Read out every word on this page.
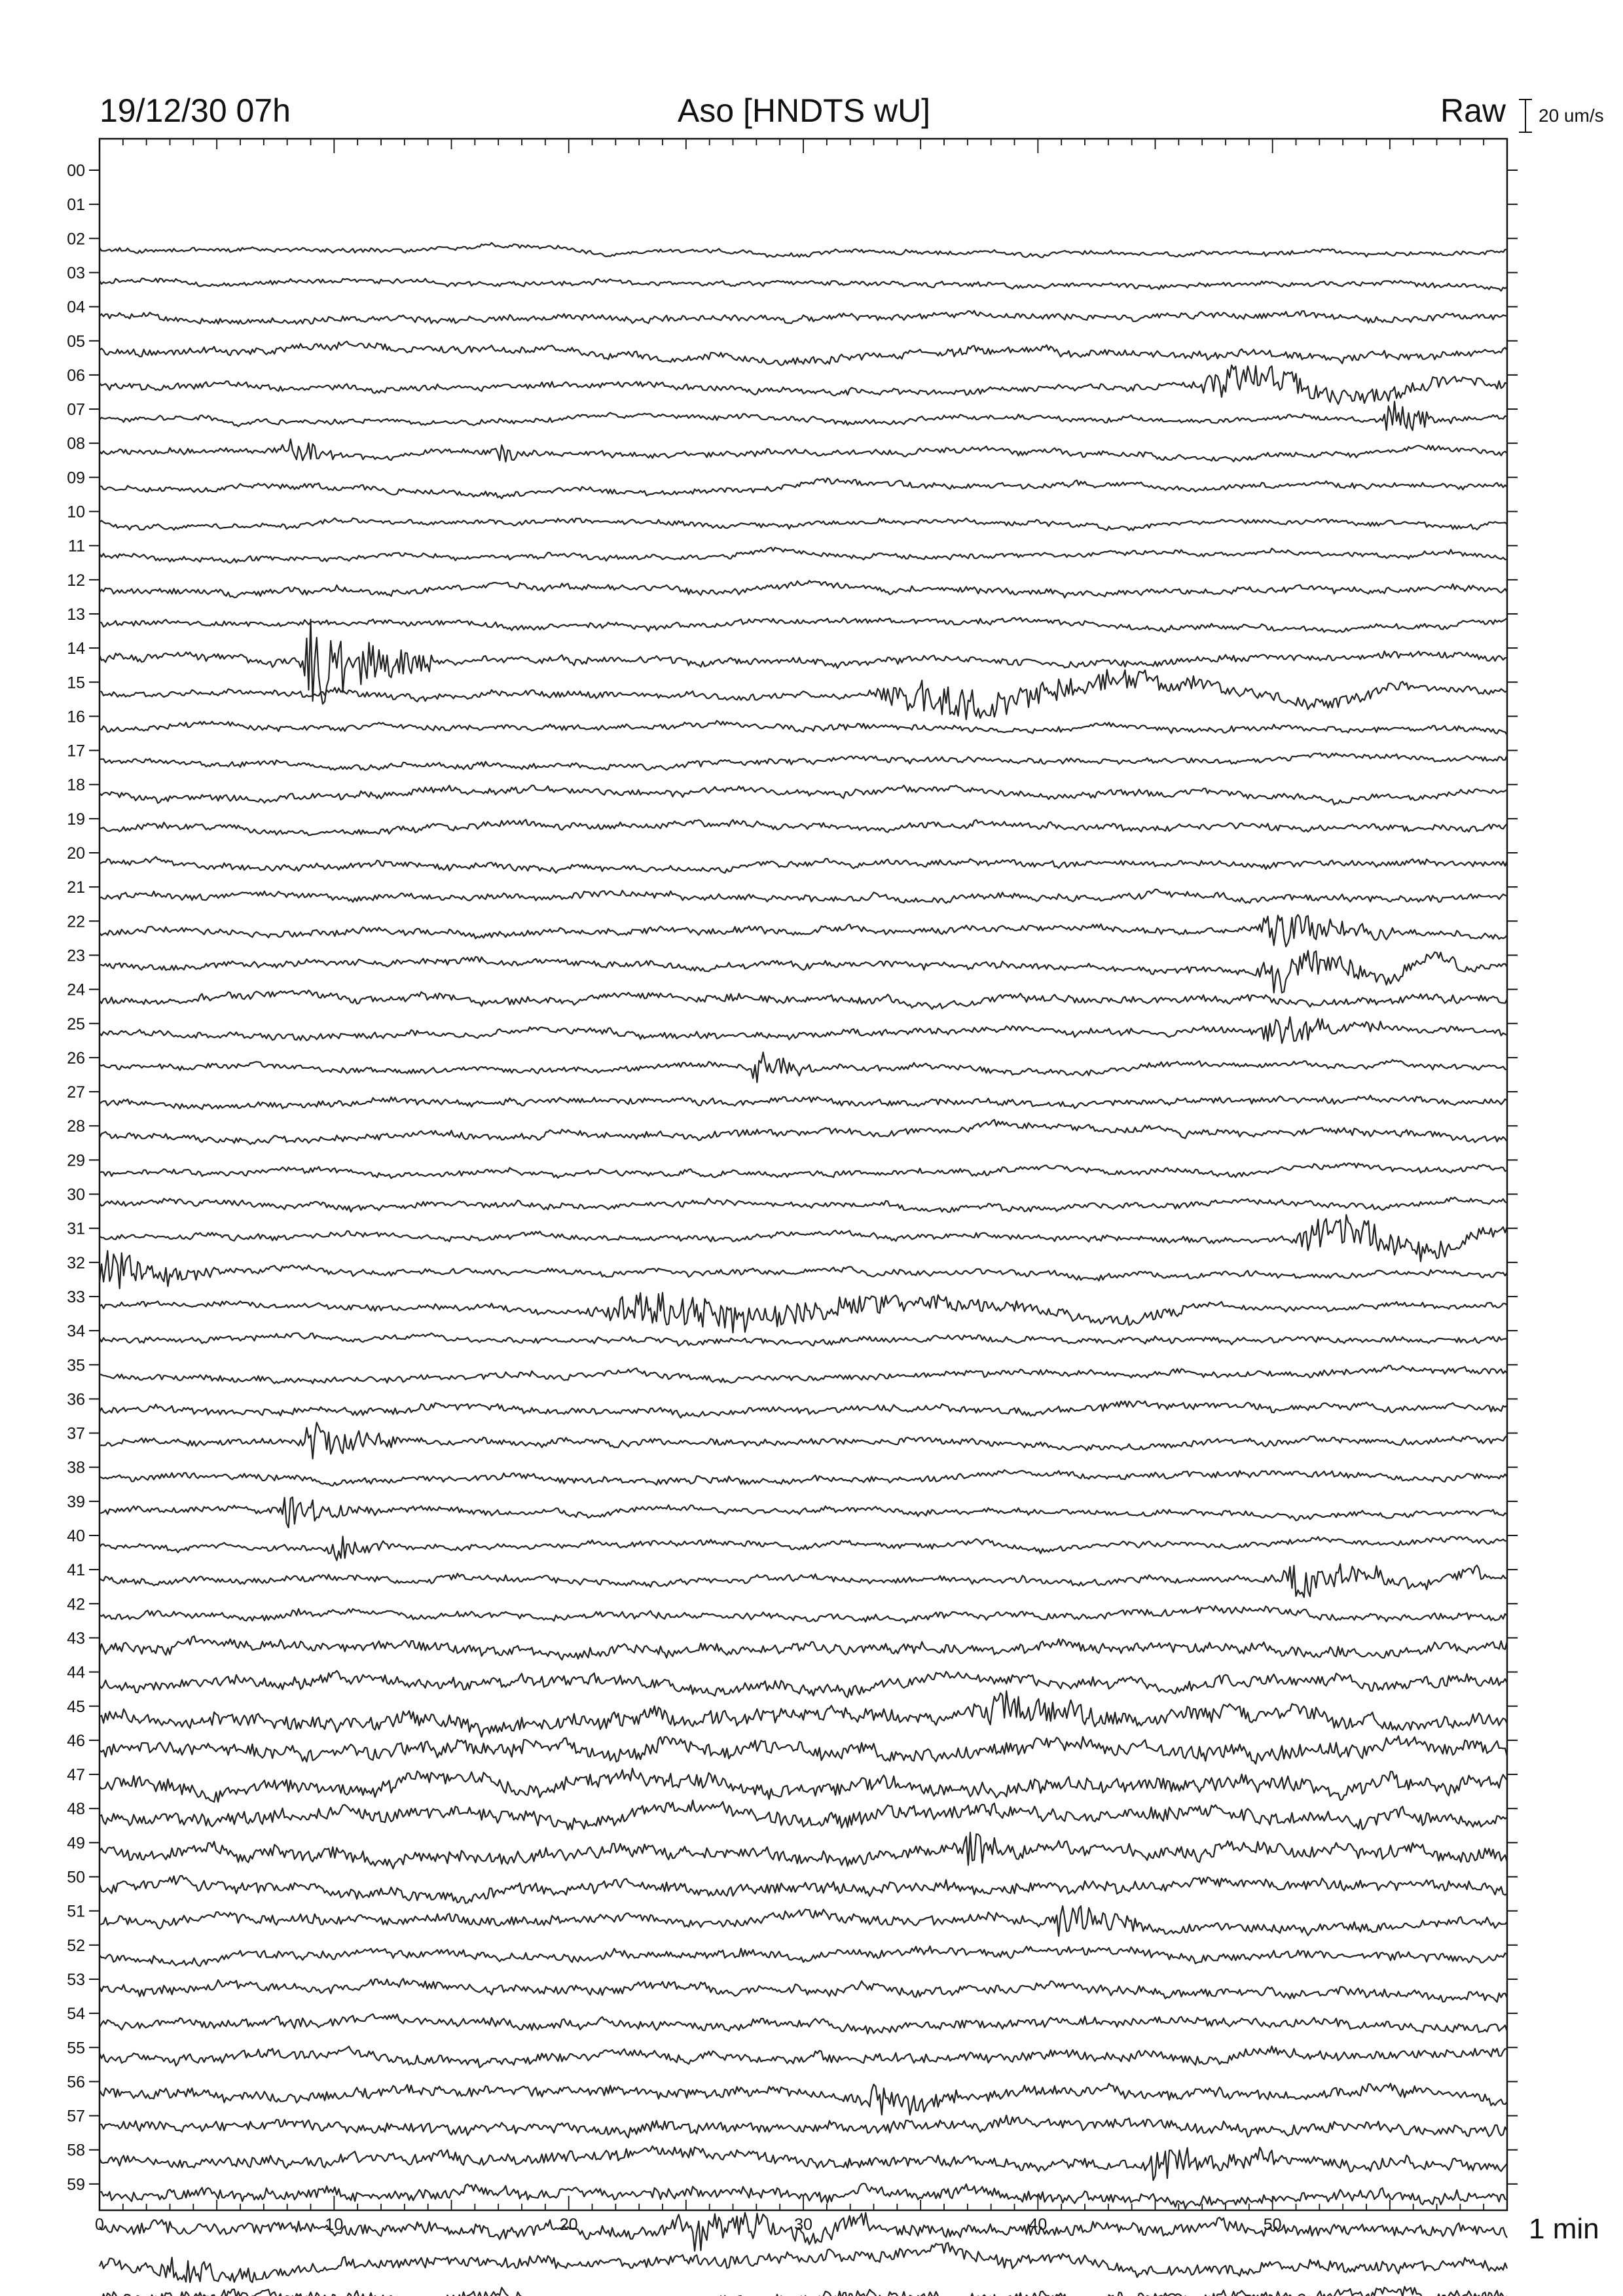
19/12/30 07h	Aso [HNDTS wU]	Raw 20 um/s
00
01
02
03
04
05
06
07
08
09
10
11
12
13
14
15
16
17
18
19
20
21
22
23
24
25
26
27
28
29
30
31
32
33
34
35
36
37
38
39
40
41
42
43
44
45
46
47
48
49
50
51
52
53
54
55
56
57
58
59
0	10	20	30	40	50	1 min
